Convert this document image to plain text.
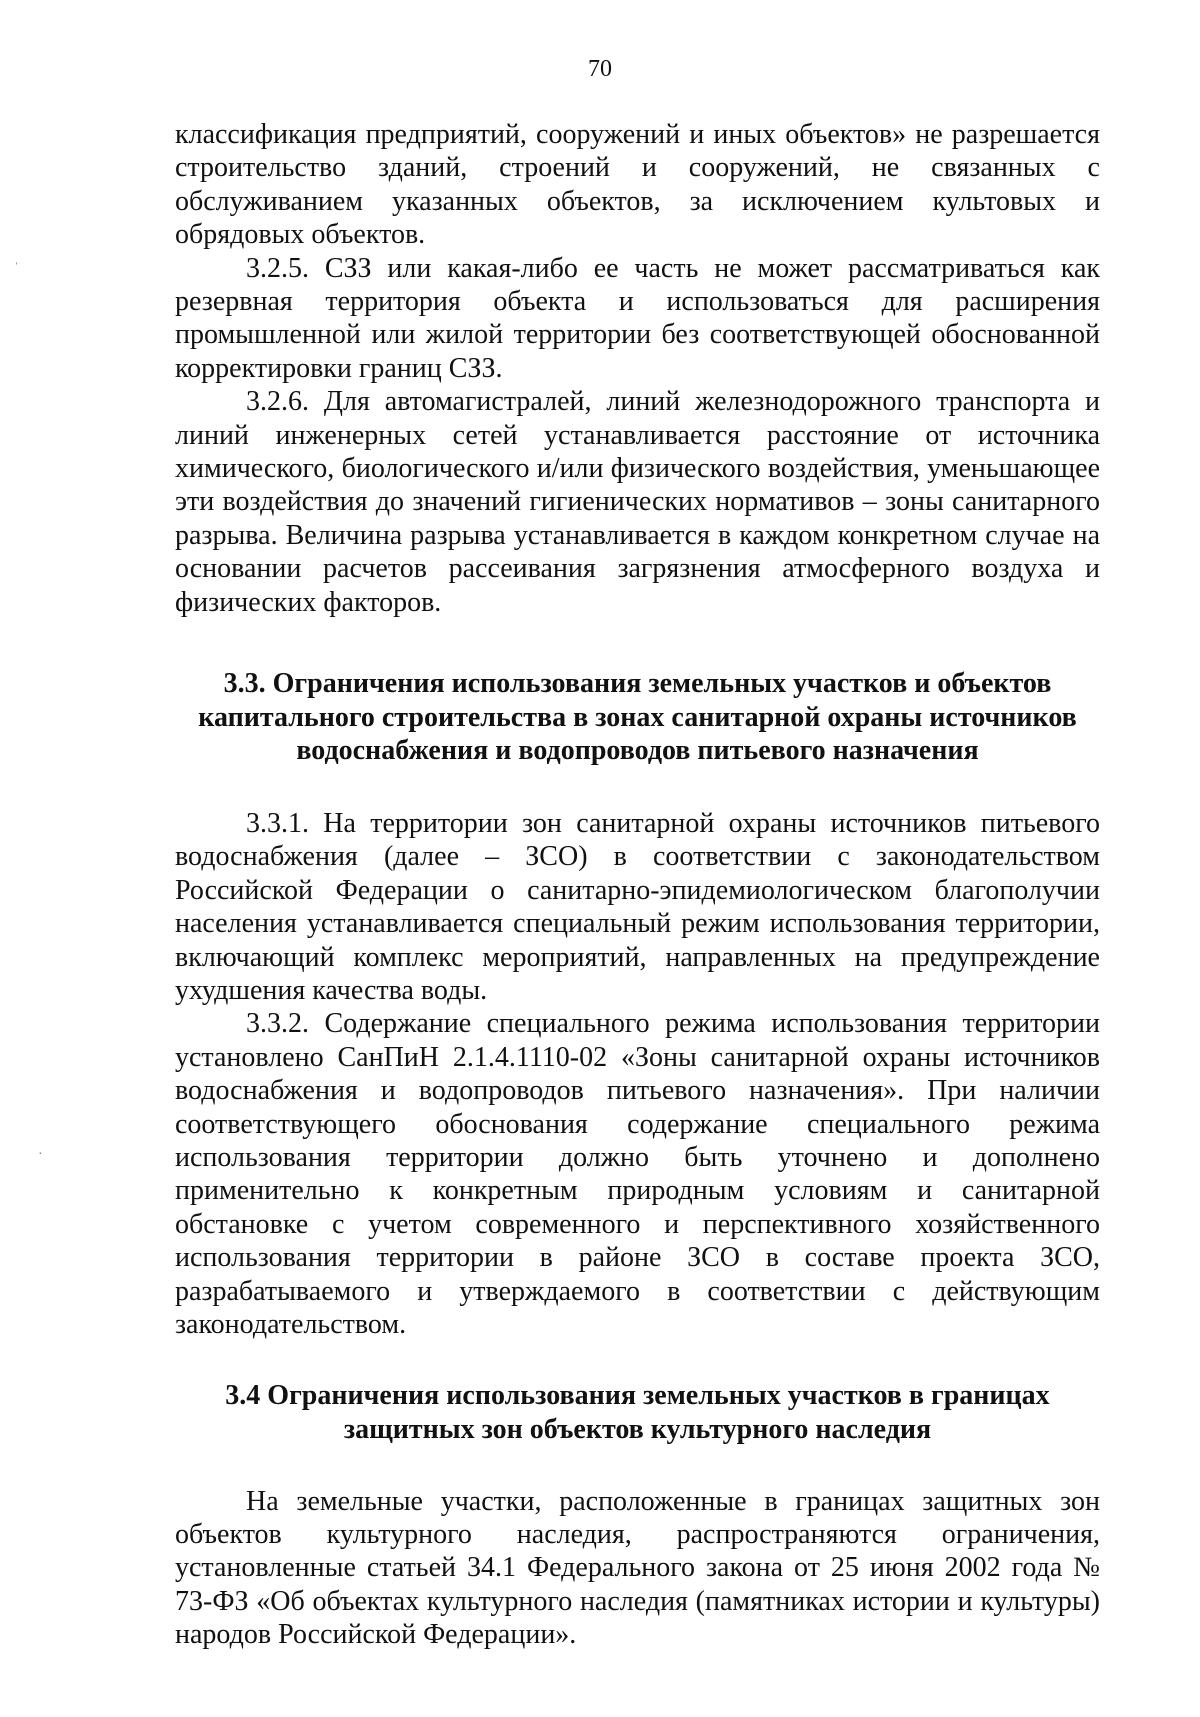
70

классификация предприятий, сооружений и иных объектов» не разрешается строительство зданий, строений и сооружений, не связанных с обслуживанием указанных объектов, за исключением культовых и обрядовых объектов.

3.2.5. СЗЗ или какая-либо ее часть не может рассматриваться как резервная территория объекта и использоваться для расширения промышленной или жилой территории без соответствующей обоснованной корректировки границ СЗЗ.

3.2.6. Для автомагистралей, линий железнодорожного транспорта и линий инженерных сетей устанавливается расстояние от источника химического, биологического и/или физического воздействия, уменьшающее эти воздействия до значений гигиенических нормативов – зоны санитарного разрыва. Величина разрыва устанавливается в каждом конкретном случае на основании расчетов рассеивания загрязнения атмосферного воздуха и физических факторов.

3.3. Ограничения использования земельных участков и объектов капитального строительства в зонах санитарной охраны источников водоснабжения и водопроводов питьевого назначения

3.3.1. На территории зон санитарной охраны источников питьевого водоснабжения (далее – ЗСО) в соответствии с законодательством Российской Федерации о санитарно-эпидемиологическом благополучии населения устанавливается специальный режим использования территории, включающий комплекс мероприятий, направленных на предупреждение ухудшения качества воды.

3.3.2. Содержание специального режима использования территории установлено СанПиН 2.1.4.1110-02 «Зоны санитарной охраны источников водоснабжения и водопроводов питьевого назначения». При наличии соответствующего обоснования содержание специального режима использования территории должно быть уточнено и дополнено применительно к конкретным природным условиям и санитарной обстановке с учетом современного и перспективного хозяйственного использования территории в районе ЗСО в составе проекта ЗСО, разрабатываемого и утверждаемого в соответствии с действующим законодательством.

3.4 Ограничения использования земельных участков в границах защитных зон объектов культурного наследия

На земельные участки, расположенные в границах защитных зон объектов культурного наследия, распространяются ограничения, установленные статьей 34.1 Федерального закона от 25 июня 2002 года № 73-ФЗ «Об объектах культурного наследия (памятниках истории и культуры) народов Российской Федерации».

ˈ
·
